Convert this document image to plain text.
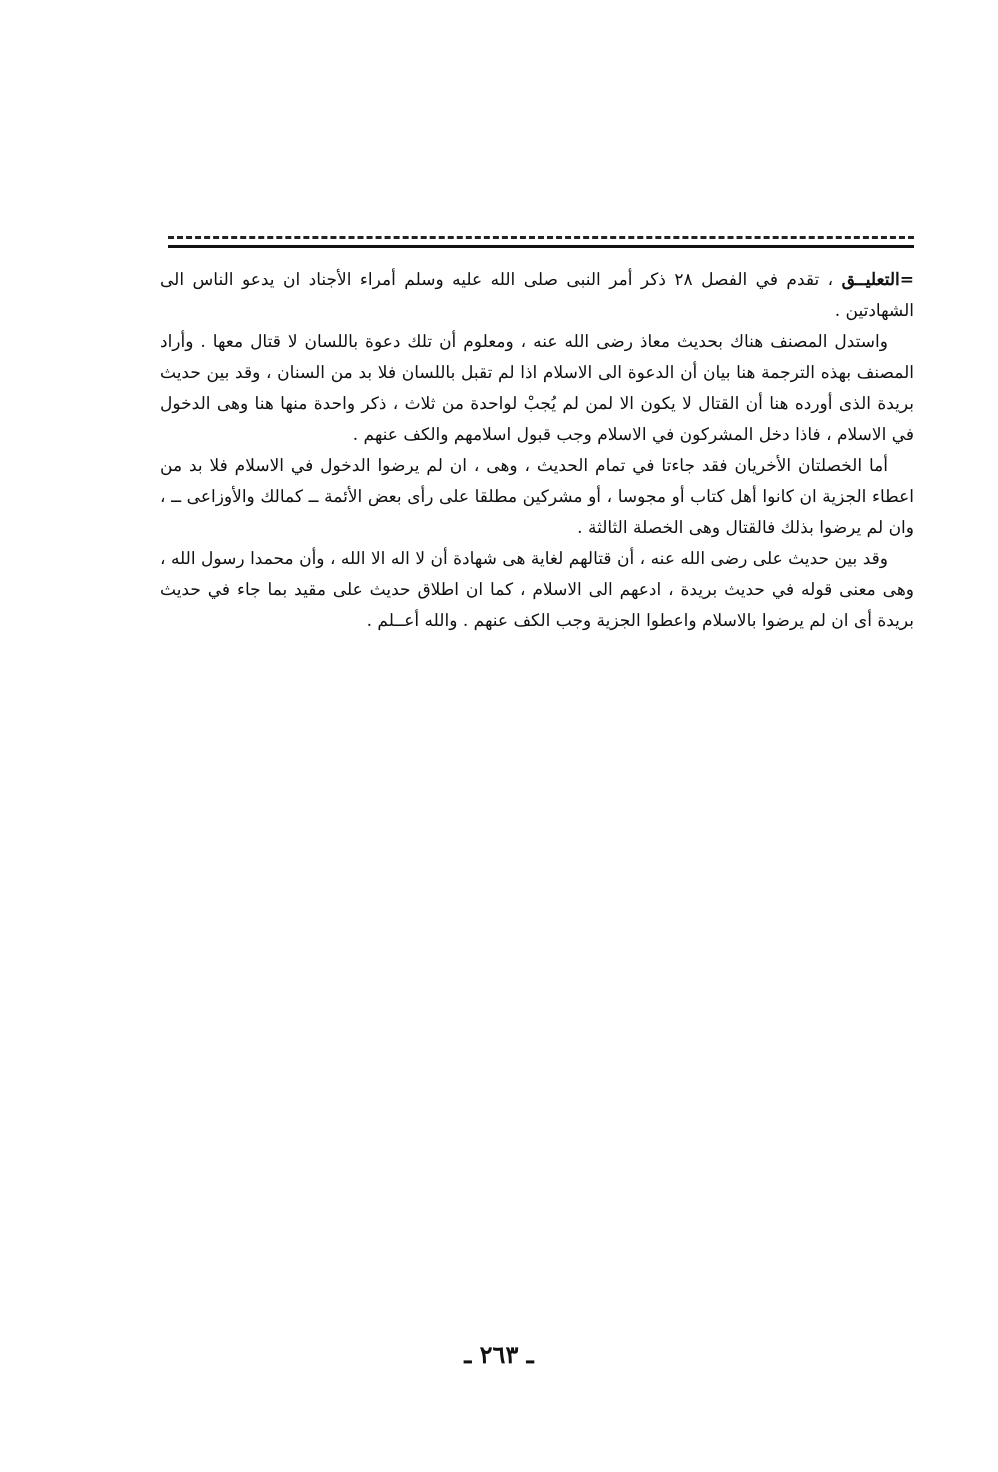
=التعليــق ، تقدم في الفصل ٢٨ ذكر أمر النبى صلى الله عليه وسلم أمراء الأجناد ان يدعو الناس الى الشهادتين .

واستدل المصنف هناك بحديث معاذ رضى الله عنه ، ومعلوم أن تلك دعوة باللسان لا قتال معها . وأراد المصنف بهذه الترجمة هنا بيان أن الدعوة الى الاسلام اذا لم تقبل باللسان فلا بد من السنان ، وقد بين حديث بريدة الذى أورده هنا أن القتال لا يكون الا لمن لم يُجبْ لواحدة من ثلاث ، ذكر واحدة منها هنا وهى الدخول في الاسلام ، فاذا دخل المشركون في الاسلام وجب قبول اسلامهم والكف عنهم .

أما الخصلتان الأخريان فقد جاءتا في تمام الحديث ، وهى ، ان لم يرضوا الدخول في الاسلام فلا بد من اعطاء الجزية ان كانوا أهل كتاب أو مجوسا ، أو مشركين مطلقا على رأى بعض الأئمة ــ كمالك والأوزاعى ــ ، وان لم يرضوا بذلك فالقتال وهى الخصلة الثالثة .

وقد بين حديث على رضى الله عنه ، أن قتالهم لغاية هى شهادة أن لا اله الا الله ، وأن محمدا رسول الله ، وهى معنى قوله في حديث بريدة ، ادعهم الى الاسلام ، كما ان اطلاق حديث على مقيد بما جاء في حديث بريدة أى ان لم يرضوا بالاسلام واعطوا الجزية وجب الكف عنهم . والله أعــلم .

ـ ٢٦٣ ـ
